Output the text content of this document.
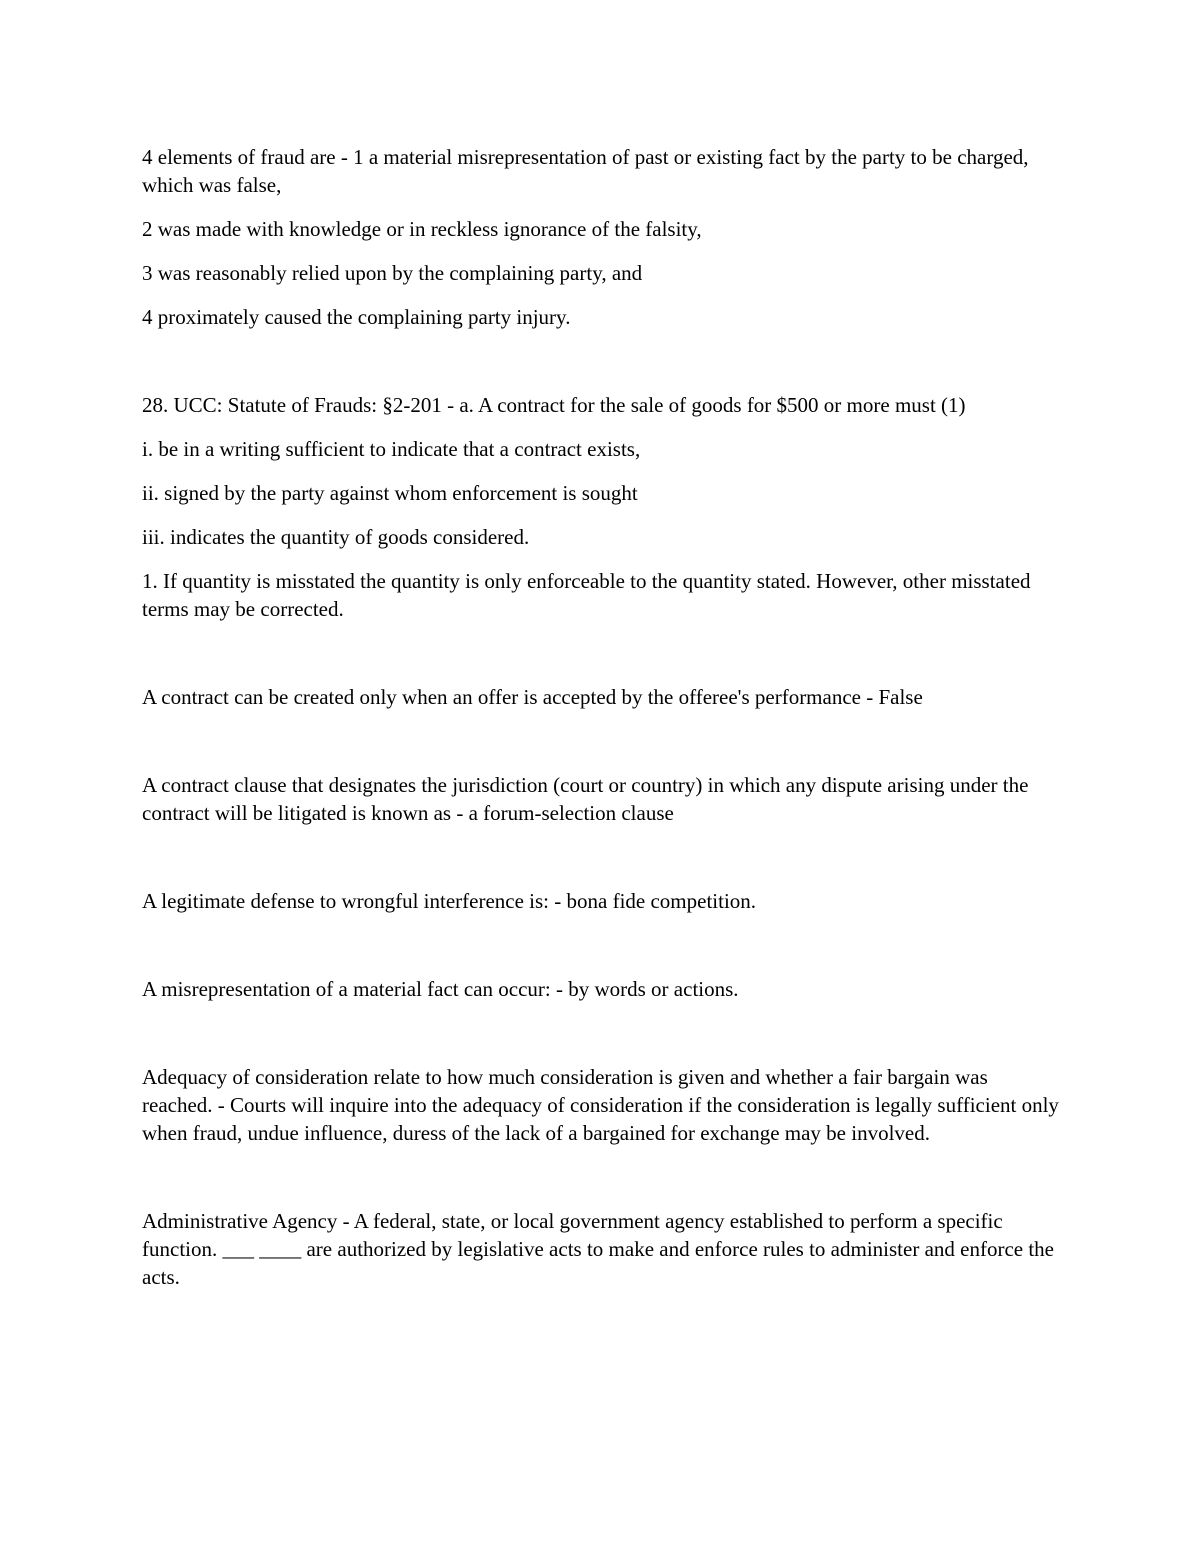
4 elements of fraud are - 1 a material misrepresentation of past or existing fact by the party to be charged, which was false,

2 was made with knowledge or in reckless ignorance of the falsity,

3 was reasonably relied upon by the complaining party, and

4 proximately caused the complaining party injury.

28. UCC: Statute of Frauds: §2-201 - a. A contract for the sale of goods for $500 or more must (1)

i. be in a writing sufficient to indicate that a contract exists,

ii. signed by the party against whom enforcement is sought

iii. indicates the quantity of goods considered.

1. If quantity is misstated the quantity is only enforceable to the quantity stated. However, other misstated terms may be corrected.

A contract can be created only when an offer is accepted by the offeree's performance - False

A contract clause that designates the jurisdiction (court or country) in which any dispute arising under the contract will be litigated is known as - a forum-selection clause

A legitimate defense to wrongful interference is: - bona fide competition.

A misrepresentation of a material fact can occur: - by words or actions.

Adequacy of consideration relate to how much consideration is given and whether a fair bargain was reached. - Courts will inquire into the adequacy of consideration if the consideration is legally sufficient only when fraud, undue influence, duress of the lack of a bargained for exchange may be involved.

Administrative Agency - A federal, state, or local government agency established to perform a specific function. ___ ____ are authorized by legislative acts to make and enforce rules to administer and enforce the acts.
